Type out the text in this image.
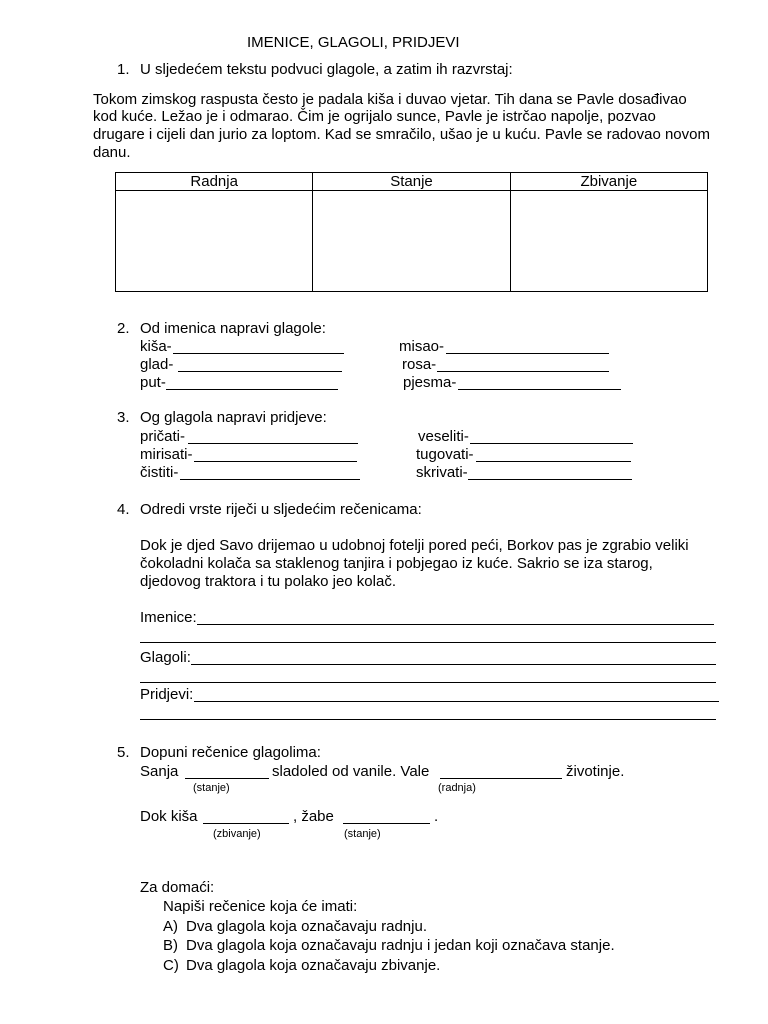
IMENICE, GLAGOLI, PRIDJEVI
1. U sljedećem tekstu podvuci glagole, a zatim ih razvrstaj:
Tokom zimskog raspusta često je padala kiša i duvao vjetar. Tih dana se Pavle dosađivao
kod kuće. Ležao je i odmarao. Čim je ogrijalo sunce, Pavle je istrčao napolje, pozvao
drugare i cijeli dan jurio za loptom. Kad se smračilo, ušao je u kuću. Pavle se radovao novom
danu.
Radnja	Stanje	Zbivanje

2. Od imenica napravi glagole:
kiša-	misao-
glad-	rosa-
put-	pjesma-
3. Og glagola napravi pridjeve:
pričati-	veseliti-
mirisati-	tugovati-
čistiti-	skrivati-
4. Odredi vrste riječi u sljedećim rečenicama:
Dok je djed Savo drijemao u udobnoj fotelji pored peći, Borkov pas je zgrabio veliki
čokoladni kolača sa staklenog tanjira i pobjegao iz kuće. Sakrio se iza starog,
djedovog traktora i tu polako jeo kolač.
Imenice:
Glagoli:
Pridjevi:
5. Dopuni rečenice glagolima:
Sanja	sladoled od vanile. Vale	životinje.
(stanje)	(radnja)
Dok kiša	, žabe	.
(zbivanje)	(stanje)
Za domaći:
Napiši rečenice koja će imati:
A) Dva glagola koja označavaju radnju.
B) Dva glagola koja označavaju radnju i jedan koji označava stanje.
C) Dva glagola koja označavaju zbivanje.
